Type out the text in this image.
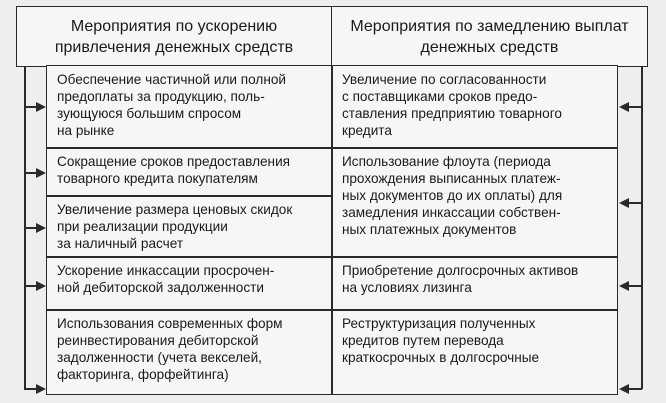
Мероприятия по ускорению привлечения денежных средств
Мероприятия по замедлению выплат денежных средств
Обеспечение частичной или полной
предоплаты за продукцию, поль-
зующуюся большим спросом
на рынке
Сокращение сроков предоставления
товарного кредита покупателям
Увеличение размера ценовых скидок
при реализации продукции
за наличный расчет
Ускорение инкассации просрочен-
ной дебиторской задолженности
Использования современных форм
реинвестирования дебиторской
задолженности (учета векселей,
факторинга, форфейтинга)
Увеличение по согласованности
с поставщиками сроков предо-
ставления предприятию товарного
кредита
Использование флоута (периода
прохождения выписанных платеж-
ных документов до их оплаты) для
замедления инкассации собствен-
ных платежных документов
Приобретение долгосрочных активов
на условиях лизинга
Реструктуризация полученных
кредитов путем перевода
краткосрочных в долгосрочные
